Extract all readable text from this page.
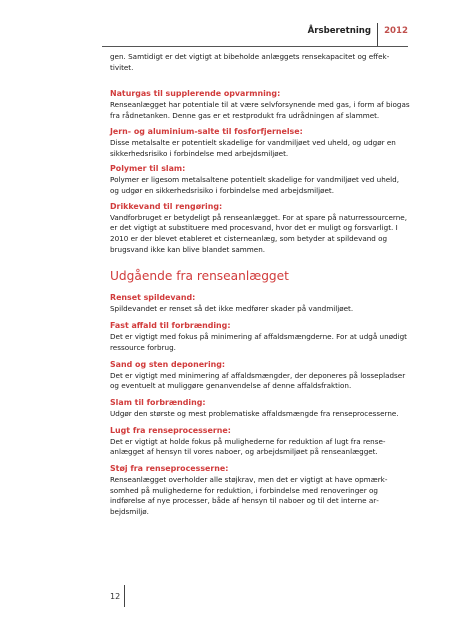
Årsberetning	2012

gen. Samtidigt er det vigtigt at bibeholde anlæggets rensekapacitet og effektivitet.

Naturgas til supplerende opvarmning:

Renseanlægget har potentiale til at være selvforsynende med gas, i form af biogas fra rådnetanken. Denne gas er et restprodukt fra udrådningen af slammet.

Jern- og aluminium-salte til fosforfjernelse:

Disse metalsalte er potentielt skadelige for vandmiljøet ved uheld, og udgør en sikkerhedsrisiko i forbindelse med arbejdsmiljøet.

Polymer til slam:

Polymer er ligesom metalsaltene potentielt skadelige for vandmiljøet ved uheld, og udgør en sikkerhedsrisiko i forbindelse med arbejdsmiljøet.

Drikkevand til rengøring:

Vandforbruget er betydeligt på renseanlægget. For at spare på naturressourcerne, er det vigtigt at substituere med procesvand, hvor det er muligt og forsvarligt. I 2010 er der blevet etableret et cisterneanlæg, som betyder at spildevand og brugsvand ikke kan blive blandet sammen.

Udgående fra renseanlægget
Renset spildevand:

Spildevandet er renset så det ikke medfører skader på vandmiljøet.

Fast affald til forbrænding:

Det er vigtigt med fokus på minimering af affaldsmængderne. For at udgå unødigt ressource forbrug.

Sand og sten deponering:

Det er vigtigt med minimering af affaldsmængder, der deponeres på lossepladser og eventuelt at muliggøre genanvendelse af denne affaldsfraktion.

Slam til forbrænding:

Udgør den største og mest problematiske affaldsmængde fra renseprocesserne.

Lugt fra renseprocesserne:

Det er vigtigt at holde fokus på mulighederne for reduktion af lugt fra renseanlægget af hensyn til vores naboer, og arbejdsmiljøet på renseanlægget.

Støj fra renseprocesserne:

Renseanlægget overholder alle støjkrav, men det er vigtigt at have opmærksomhed på mulighederne for reduktion, i forbindelse med renoveringer og indførelse af nye processer, både af hensyn til naboer og til det interne arbejdsmiljø.

12
